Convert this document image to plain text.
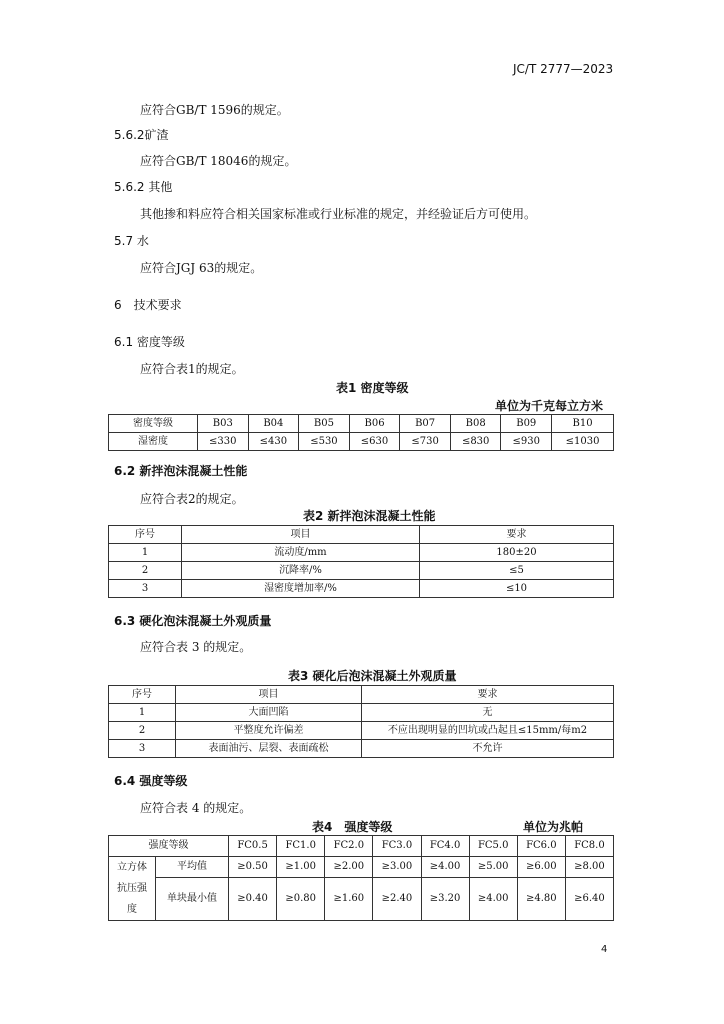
JC/T 2777—2023
应符合GB/T 1596的规定。
5.6.2矿渣
应符合GB/T 18046的规定。
5.6.2 其他
其他掺和料应符合相关国家标准或行业标准的规定，并经验证后方可使用。
5.7 水
应符合JGJ 63的规定。
6　技术要求
6.1 密度等级
应符合表1的规定。
表1 密度等级
单位为千克每立方米
密度等级	B03	B04	B05	B06	B07	B08	B09	B10
湿密度	≤330	≤430	≤530	≤630	≤730	≤830	≤930	≤1030
6.2 新拌泡沫混凝土性能
应符合表2的规定。
表2 新拌泡沫混凝土性能
序号	项目	要求
1	流动度/mm	180±20
2	沉降率/%	≤5
3	湿密度增加率/%	≤10
6.3 硬化泡沫混凝土外观质量
应符合表 3 的规定。
表3 硬化后泡沫混凝土外观质量
序号	项目	要求
1	大面凹陷	无
2	平整度允许偏差	不应出现明显的凹坑或凸起且≤15mm/每m2
3	表面油污、层裂、表面疏松	不允许
6.4 强度等级
应符合表 4 的规定。
表4　强度等级	单位为兆帕
强度等级		FC0.5	FC1.0	FC2.0	FC3.0	FC4.0	FC5.0	FC6.0	FC8.0

立方体
抗压强
度	平均值	≥0.50	≥1.00	≥2.00	≥3.00	≥4.00	≥5.00	≥6.00	≥8.00
	单块最小值	≥0.40	≥0.80	≥1.60	≥2.40	≥3.20	≥4.00	≥4.80	≥6.40
4
